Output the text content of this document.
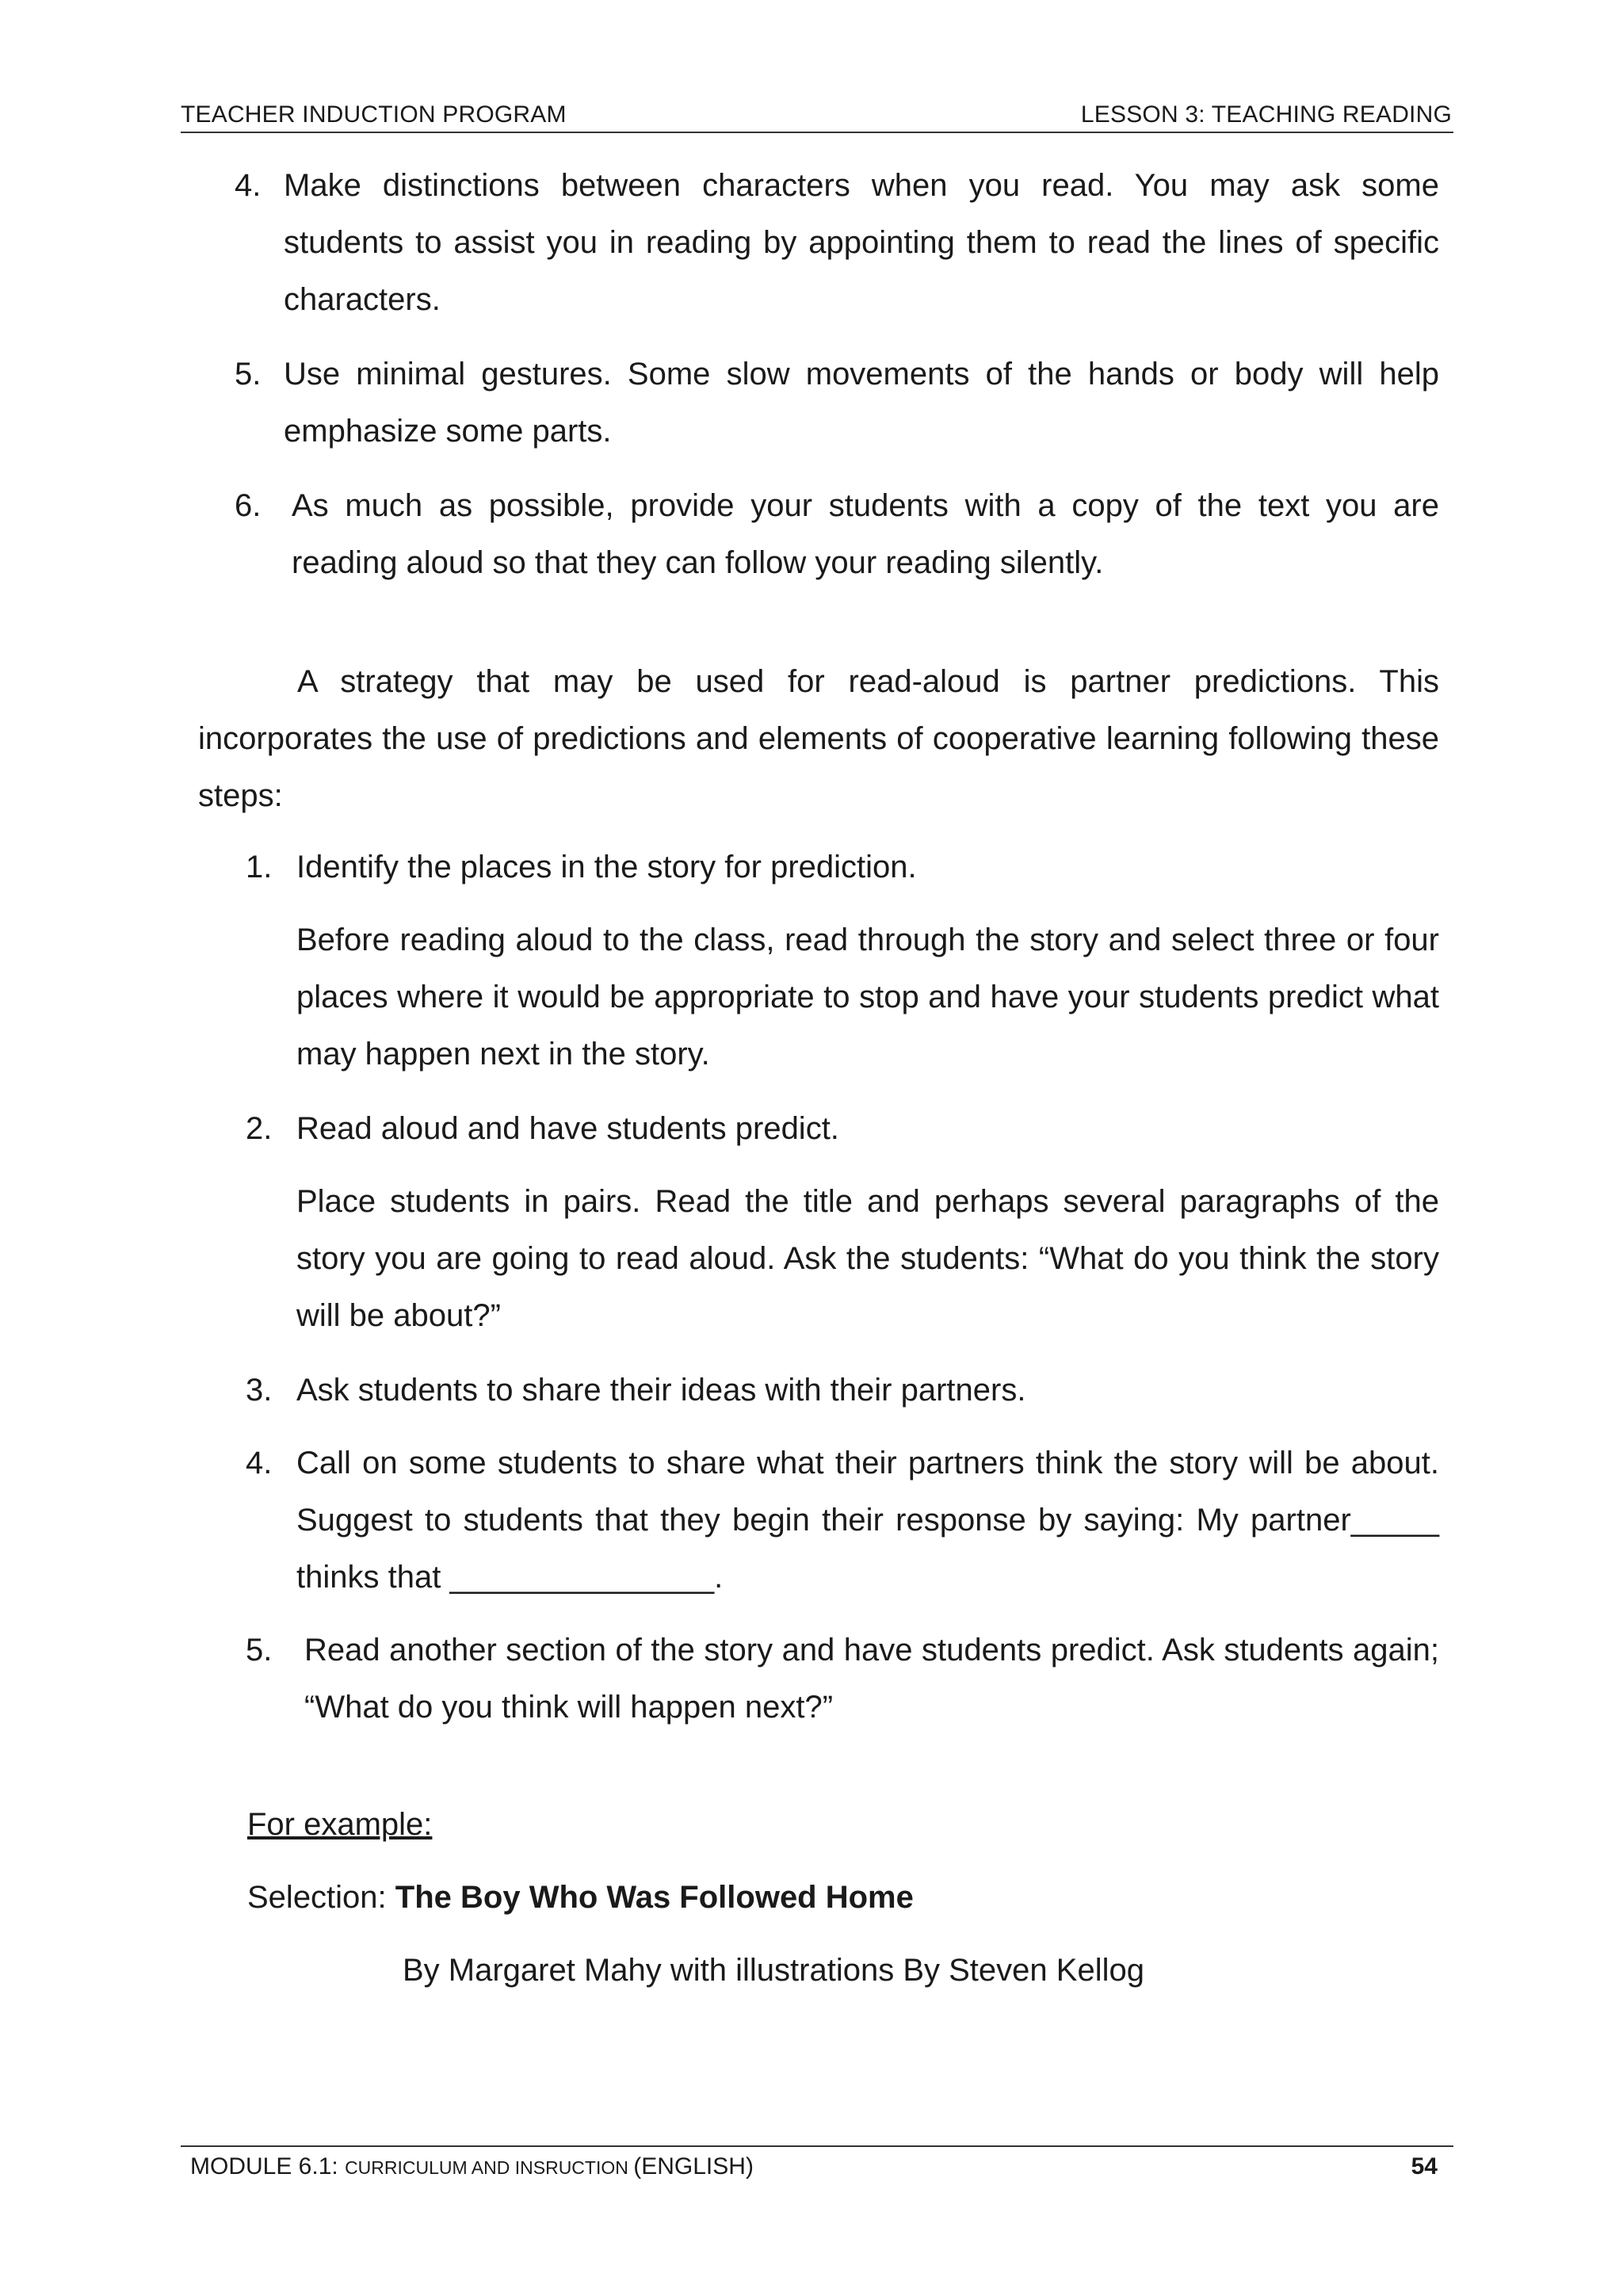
TEACHER INDUCTION PROGRAM	LESSON 3: TEACHING READING
4. Make distinctions between characters when you read. You may ask some students to assist you in reading by appointing them to read the lines of specific characters.
5. Use minimal gestures. Some slow movements of the hands or body will help emphasize some parts.
6. As much as possible, provide your students with a copy of the text you are reading aloud so that they can follow your reading silently.
A strategy that may be used for read-aloud is partner predictions. This incorporates the use of predictions and elements of cooperative learning following these steps:
1. Identify the places in the story for prediction.
Before reading aloud to the class, read through the story and select three or four places where it would be appropriate to stop and have your students predict what may happen next in the story.
2. Read aloud and have students predict.
Place students in pairs. Read the title and perhaps several paragraphs of the story you are going to read aloud. Ask the students: “What do you think the story will be about?”
3. Ask students to share their ideas with their partners.
4. Call on some students to share what their partners think the story will be about. Suggest to students that they begin their response by saying: My partner_____ thinks that _______________.
5. Read another section of the story and have students predict. Ask students again; “What do you think will happen next?”
For example:
Selection: The Boy Who Was Followed Home
By Margaret Mahy with illustrations By Steven Kellog
MODULE 6.1: CURRICULUM AND INSRUCTION (ENGLISH)	54
